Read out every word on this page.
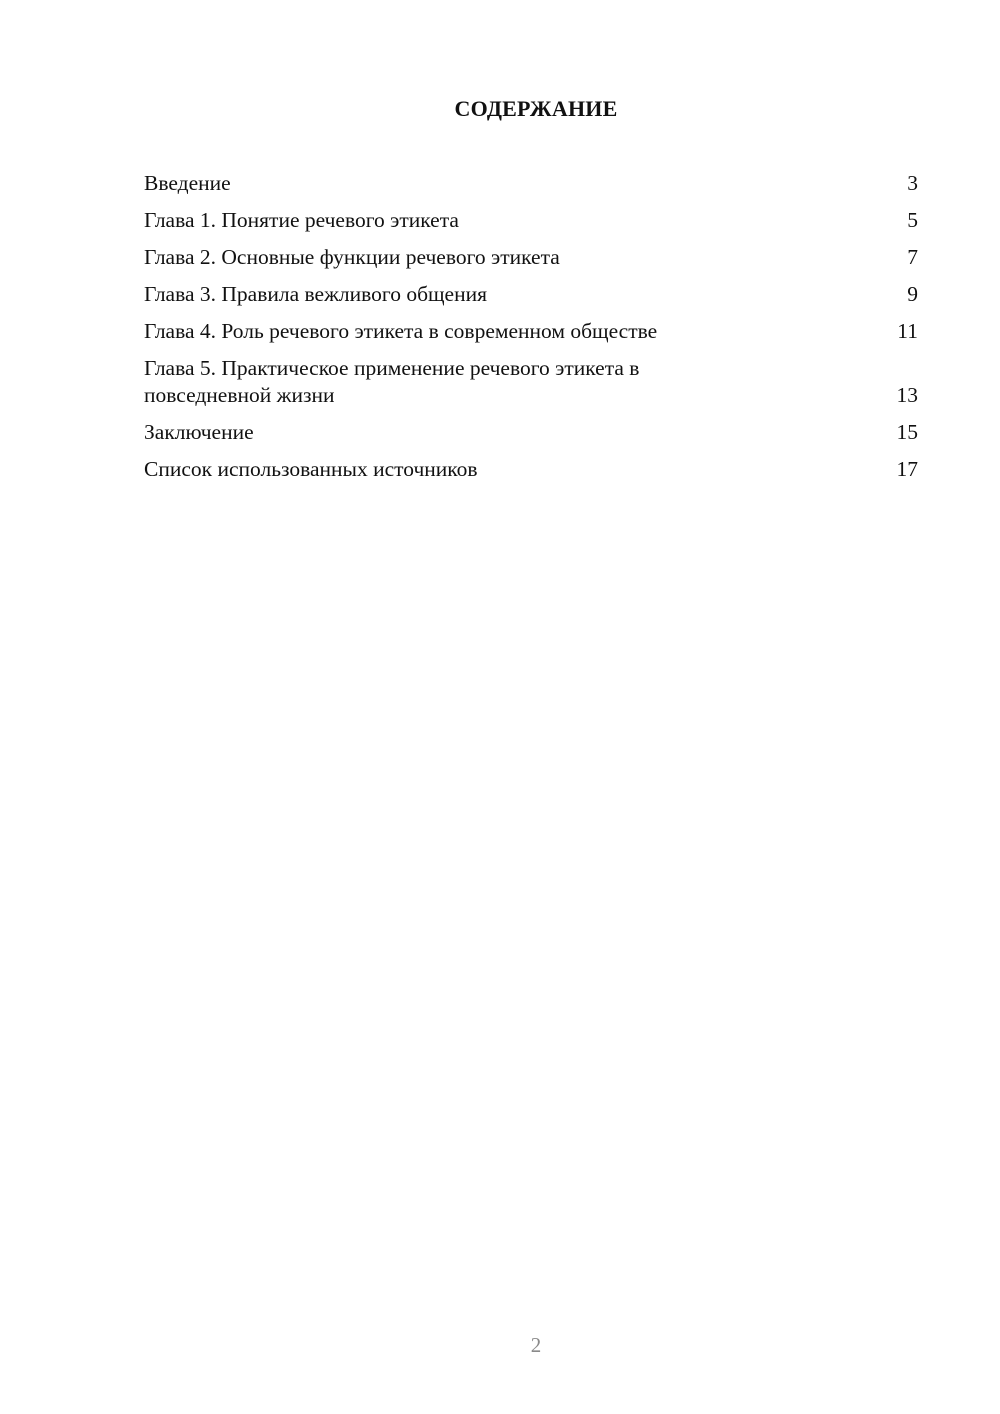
СОДЕРЖАНИЕ
Введение	3
Глава 1. Понятие речевого этикета	5
Глава 2. Основные функции речевого этикета	7
Глава 3. Правила вежливого общения	9
Глава 4. Роль речевого этикета в современном обществе	11
Глава 5. Практическое применение речевого этикета в повседневной жизни	13
Заключение	15
Список использованных источников	17
2
